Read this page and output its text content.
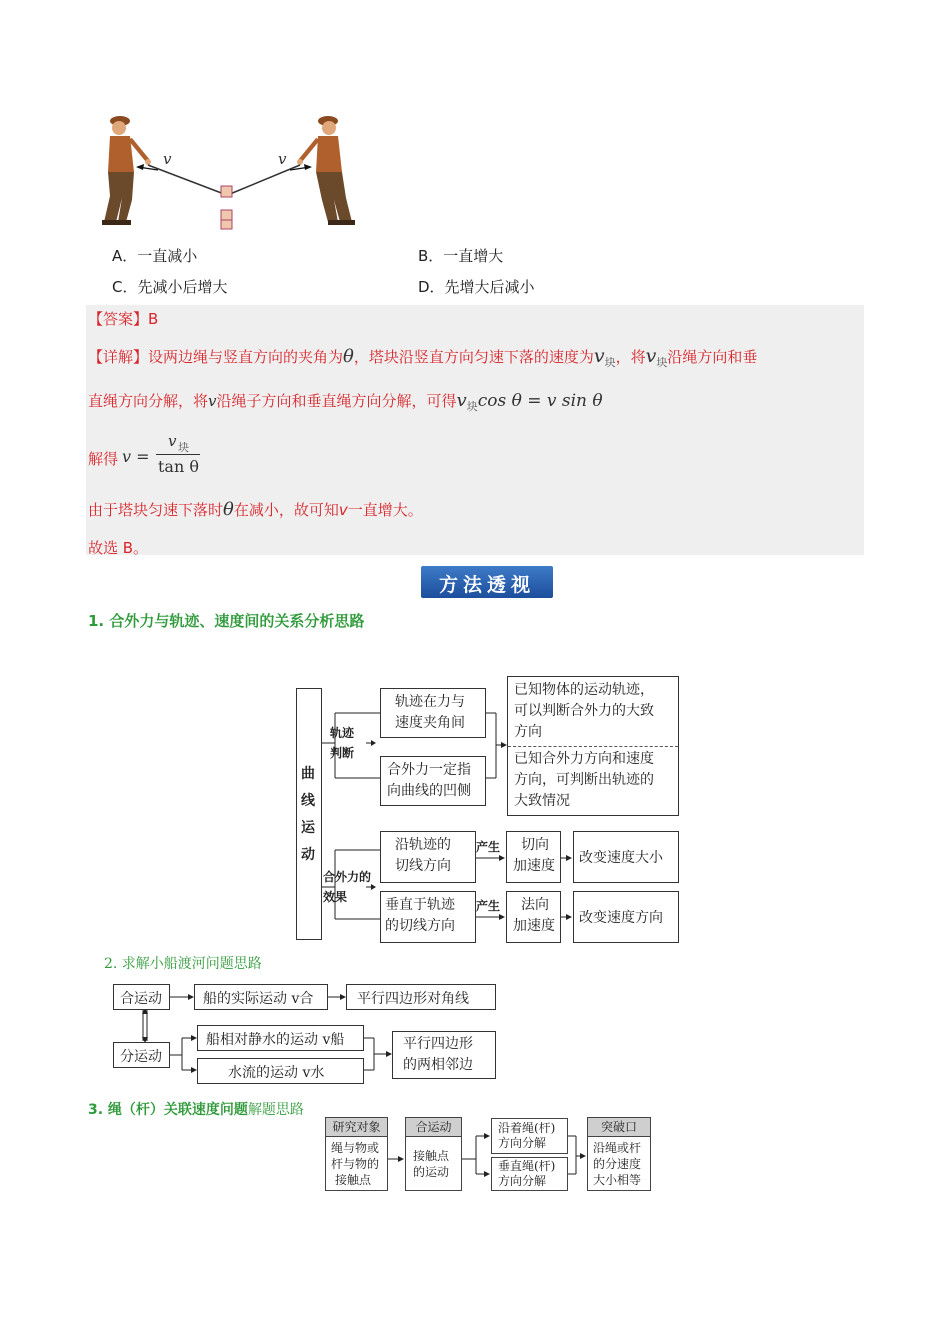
v	v
A．一直减小	B．一直增大
C．先减小后增大	D．先增大后减小
【答案】B
【详解】设两边绳与竖直方向的夹角为θ，塔块沿竖直方向匀速下落的速度为$v_块$，将$v_块$沿绳方向和垂
直绳方向分解，将v沿绳子方向和垂直绳方向分解，可得$v_块\cos$ θ = v sin θ
解得 v =
v 块
tan θ
由于塔块匀速下落时θ在减小，故可知v一直增大。
故选 B。
方法透视
1. 合外力与轨迹、速度间的关系分析思路
曲线运动
轨迹判断
轨迹在力与
速度夹角间
合外力一定指
向曲线的凹侧
已知物体的运动轨迹，
可以判断合外力的大致
方向
已知合外力方向和速度
方向，可判断出轨迹的
大致情况
合外力的效果
沿轨迹的
切线方向
产生	切向
加速度	改变速度大小
垂直于轨迹
的切线方向
产生	法向
加速度	改变速度方向
2. 求解小船渡河问题思路
合运动	船的实际运动 v合	平行四边形对角线
分运动
船相对静水的运动 v船
水流的运动 v水
平行四边形
的两相邻边
3. 绳（杆）关联速度问题解题思路
研究对象
绳与物或
杆与物的
接触点
合运动
接触点
的运动
沿着绳(杆)
方向分解
垂直绳(杆)
方向分解
突破口
沿绳或杆
的分速度
大小相等
